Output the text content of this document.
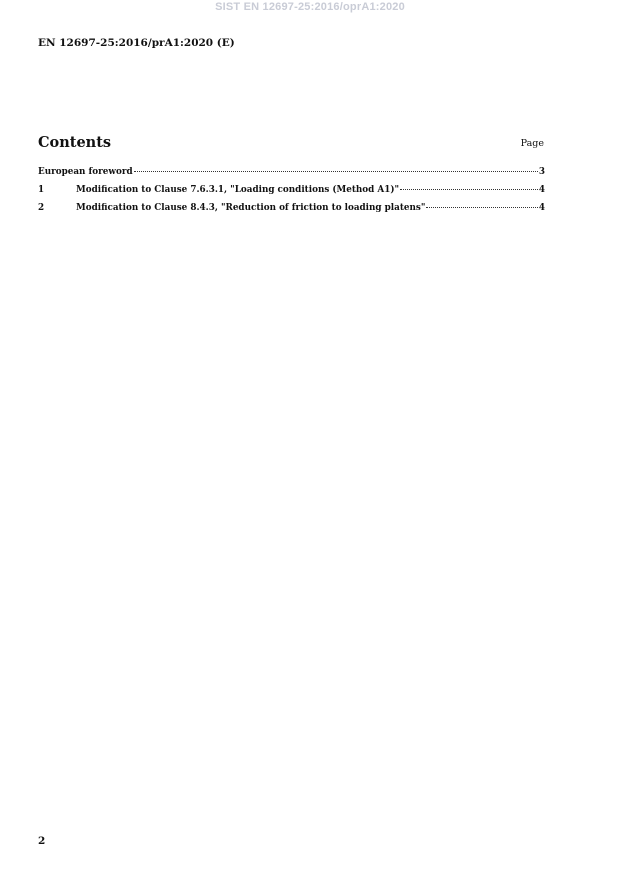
SIST EN 12697-25:2016/oprA1:2020
EN 12697-25:2016/prA1:2020 (E)
Contents	Page
European foreword	3
1	Modification to Clause 7.6.3.1, "Loading conditions (Method A1)"	4
2	Modification to Clause 8.4.3, "Reduction of friction to loading platens"	4
2
